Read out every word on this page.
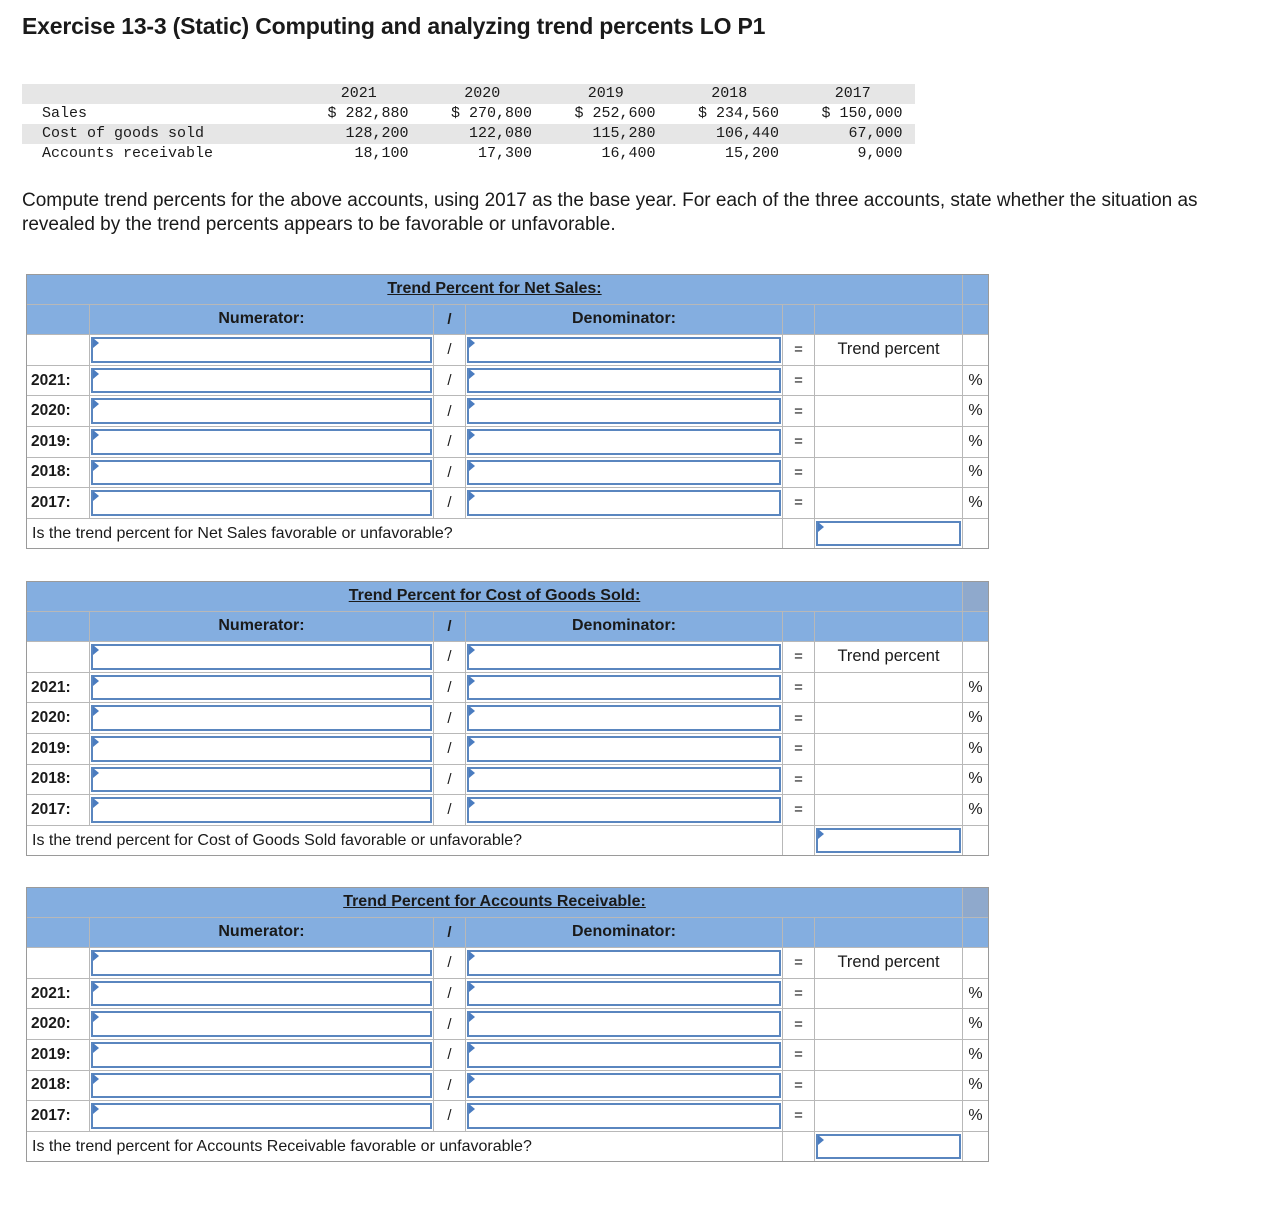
Exercise 13-3 (Static) Computing and analyzing trend percents LO P1
2021	2020	2019	2018	2017
Sales	$ 282,880	$ 270,800	$ 252,600	$ 234,560	$ 150,000
Cost of goods sold	128,200	122,080	115,280	106,440	67,000
Accounts receivable	18,100	17,300	16,400	15,200	9,000
Compute trend percents for the above accounts, using 2017 as the base year. For each of the three accounts, state whether the situation as revealed by the trend percents appears to be favorable or unfavorable.
Trend Percent for Net Sales:
Numerator:	/	Denominator:
/	=	Trend percent
2021:	/	=	%
2020:	/	=	%
2019:	/	=	%
2018:	/	=	%
2017:	/	=	%
Is the trend percent for Net Sales favorable or unfavorable?
Trend Percent for Cost of Goods Sold:
Numerator:	/	Denominator:
/	=	Trend percent
2021:	/	=	%
2020:	/	=	%
2019:	/	=	%
2018:	/	=	%
2017:	/	=	%
Is the trend percent for Cost of Goods Sold favorable or unfavorable?
Trend Percent for Accounts Receivable:
Numerator:	/	Denominator:
/	=	Trend percent
2021:	/	=	%
2020:	/	=	%
2019:	/	=	%
2018:	/	=	%
2017:	/	=	%
Is the trend percent for Accounts Receivable favorable or unfavorable?
